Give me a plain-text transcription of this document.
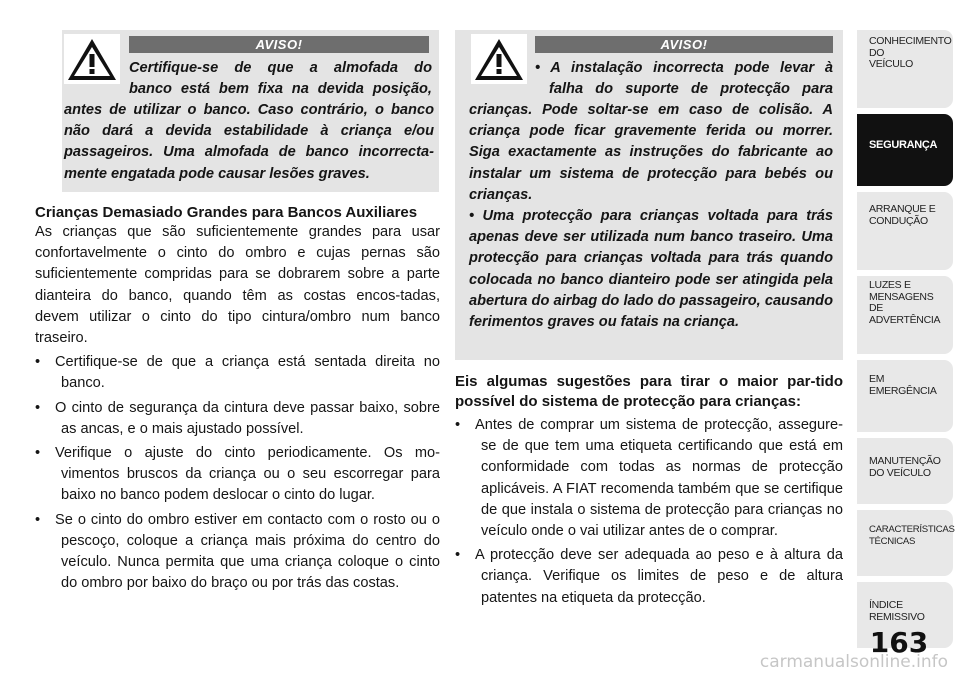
AVISO!

Certifique-se de que a almofada do

banco está bem fixa na devida posição,

antes de utilizar o banco. Caso contrário, o banco

não dará a devida estabilidade à criança e/ou

passageiros. Uma almofada de banco incorrecta-

mente engatada pode causar lesões graves.

Crianças Demasiado Grandes para Bancos Auxiliares

As crianças que são suficientemente grandes para usar confortavelmente o cinto do ombro e cujas pernas são suficientemente compridas para se dobrarem sobre a parte dianteira do banco, quando têm as costas encos-tadas, devem utilizar o cinto do tipo cintura/ombro num banco traseiro.

• Certifique-se de que a criança está sentada direita no banco.
• O cinto de segurança da cintura deve passar baixo, sobre as ancas, e o mais ajustado possível.
• Verifique o ajuste do cinto periodicamente. Os mo-vimentos bruscos da criança ou o seu escorregar para baixo no banco podem deslocar o cinto do lugar.
• Se o cinto do ombro estiver em contacto com o rosto ou o pescoço, coloque a criança mais próxima do centro do veículo. Nunca permita que uma criança coloque o cinto do ombro por baixo do braço ou por trás das costas.
AVISO!

• A instalação incorrecta pode levar à

falha do suporte de protecção para

crianças. Pode soltar-se em caso de colisão. A criança pode ficar gravemente ferida ou morrer. Siga exactamente as instruções do fabricante ao instalar um sistema de protecção para bebés ou crianças.

• Uma protecção para crianças voltada para trás apenas deve ser utilizada num banco traseiro. Uma protecção para crianças voltada para trás quando colocada no banco dianteiro pode ser atingida pela abertura do airbag do lado do passageiro, causando ferimentos graves ou fatais na criança.

Eis algumas sugestões para tirar o maior par-tido possível do sistema de protecção para crianças:
• Antes de comprar um sistema de protecção, assegure-se de que tem uma etiqueta certificando que está em conformidade com todas as normas de protecção aplicáveis. A FIAT recomenda também que se certifique de que instala o sistema de protecção para crianças no veículo onde o vai utilizar antes de o comprar.
• A protecção deve ser adequada ao peso e à altura da criança. Verifique os limites de peso e de altura patentes na etiqueta da protecção.
CONHECIMENTO
DO
VEÍCULO
SEGURANÇA
ARRANQUE E
CONDUÇÃO
LUZES E
MENSAGENS
DE
ADVERTÊNCIA
EM
EMERGÊNCIA
MANUTENÇÃO
DO VEÍCULO
CARACTERÍSTICAS
TÉCNICAS
ÍNDICE
REMISSIVO
163
carmanualsonline.info
